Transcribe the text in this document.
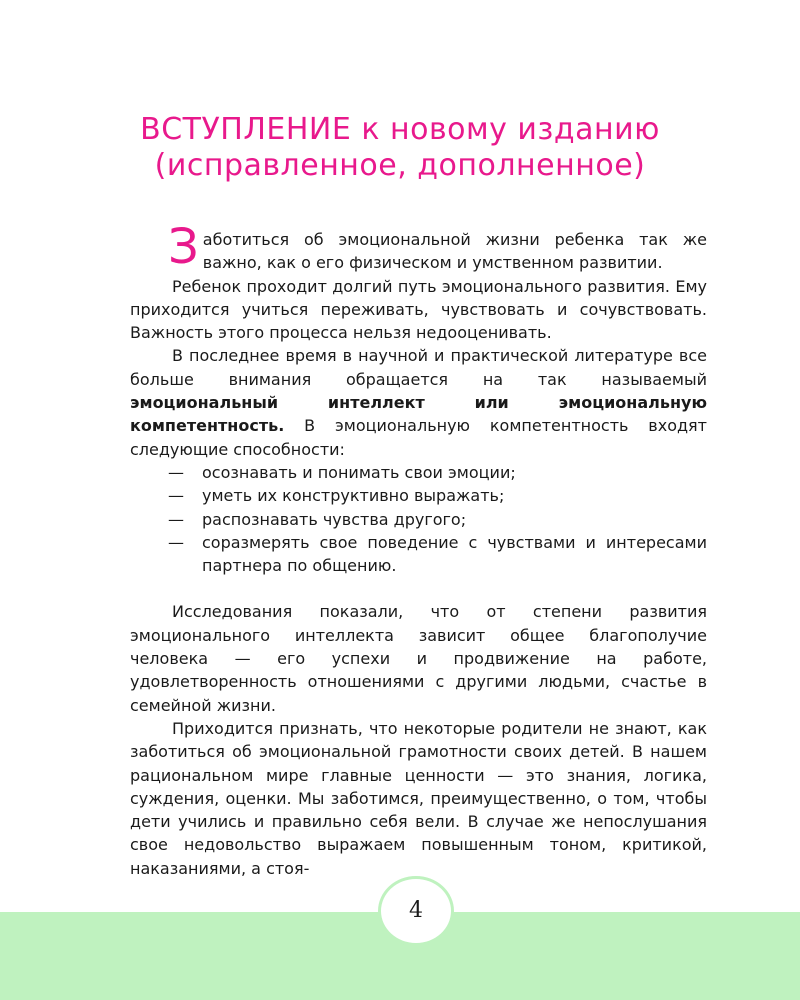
ВСТУПЛЕНИЕ к новому изданию
(исправленное, дополненное)

Заботиться об эмоциональной жизни ребенка так же важно, как о его физическом и умственном развитии.

Ребенок проходит долгий путь эмоционального развития. Ему приходится учиться переживать, чувствовать и сочувствовать. Важность этого процесса нельзя недооценивать.

В последнее время в научной и практической литературе все больше внимания обращается на так называемый эмоциональный интеллект или эмоциональную компетентность. В эмоциональную компетентность входят следующие способности:

— осознавать и понимать свои эмоции;
— уметь их конструктивно выражать;
— распознавать чувства другого;
— соразмерять свое поведение с чувствами и интересами партнера по общению.

Исследования показали, что от степени развития эмоционального интеллекта зависит общее благополучие человека — его успехи и продвижение на работе, удовлетворенность отношениями с другими людьми, счастье в семейной жизни.

Приходится признать, что некоторые родители не знают, как заботиться об эмоциональной грамотности своих детей. В нашем рациональном мире главные ценности — это знания, логика, суждения, оценки. Мы заботимся, преимущественно, о том, чтобы дети учились и правильно себя вели. В случае же непослушания свое недовольство выражаем повышенным тоном, критикой, наказаниями, а стоя-

4
